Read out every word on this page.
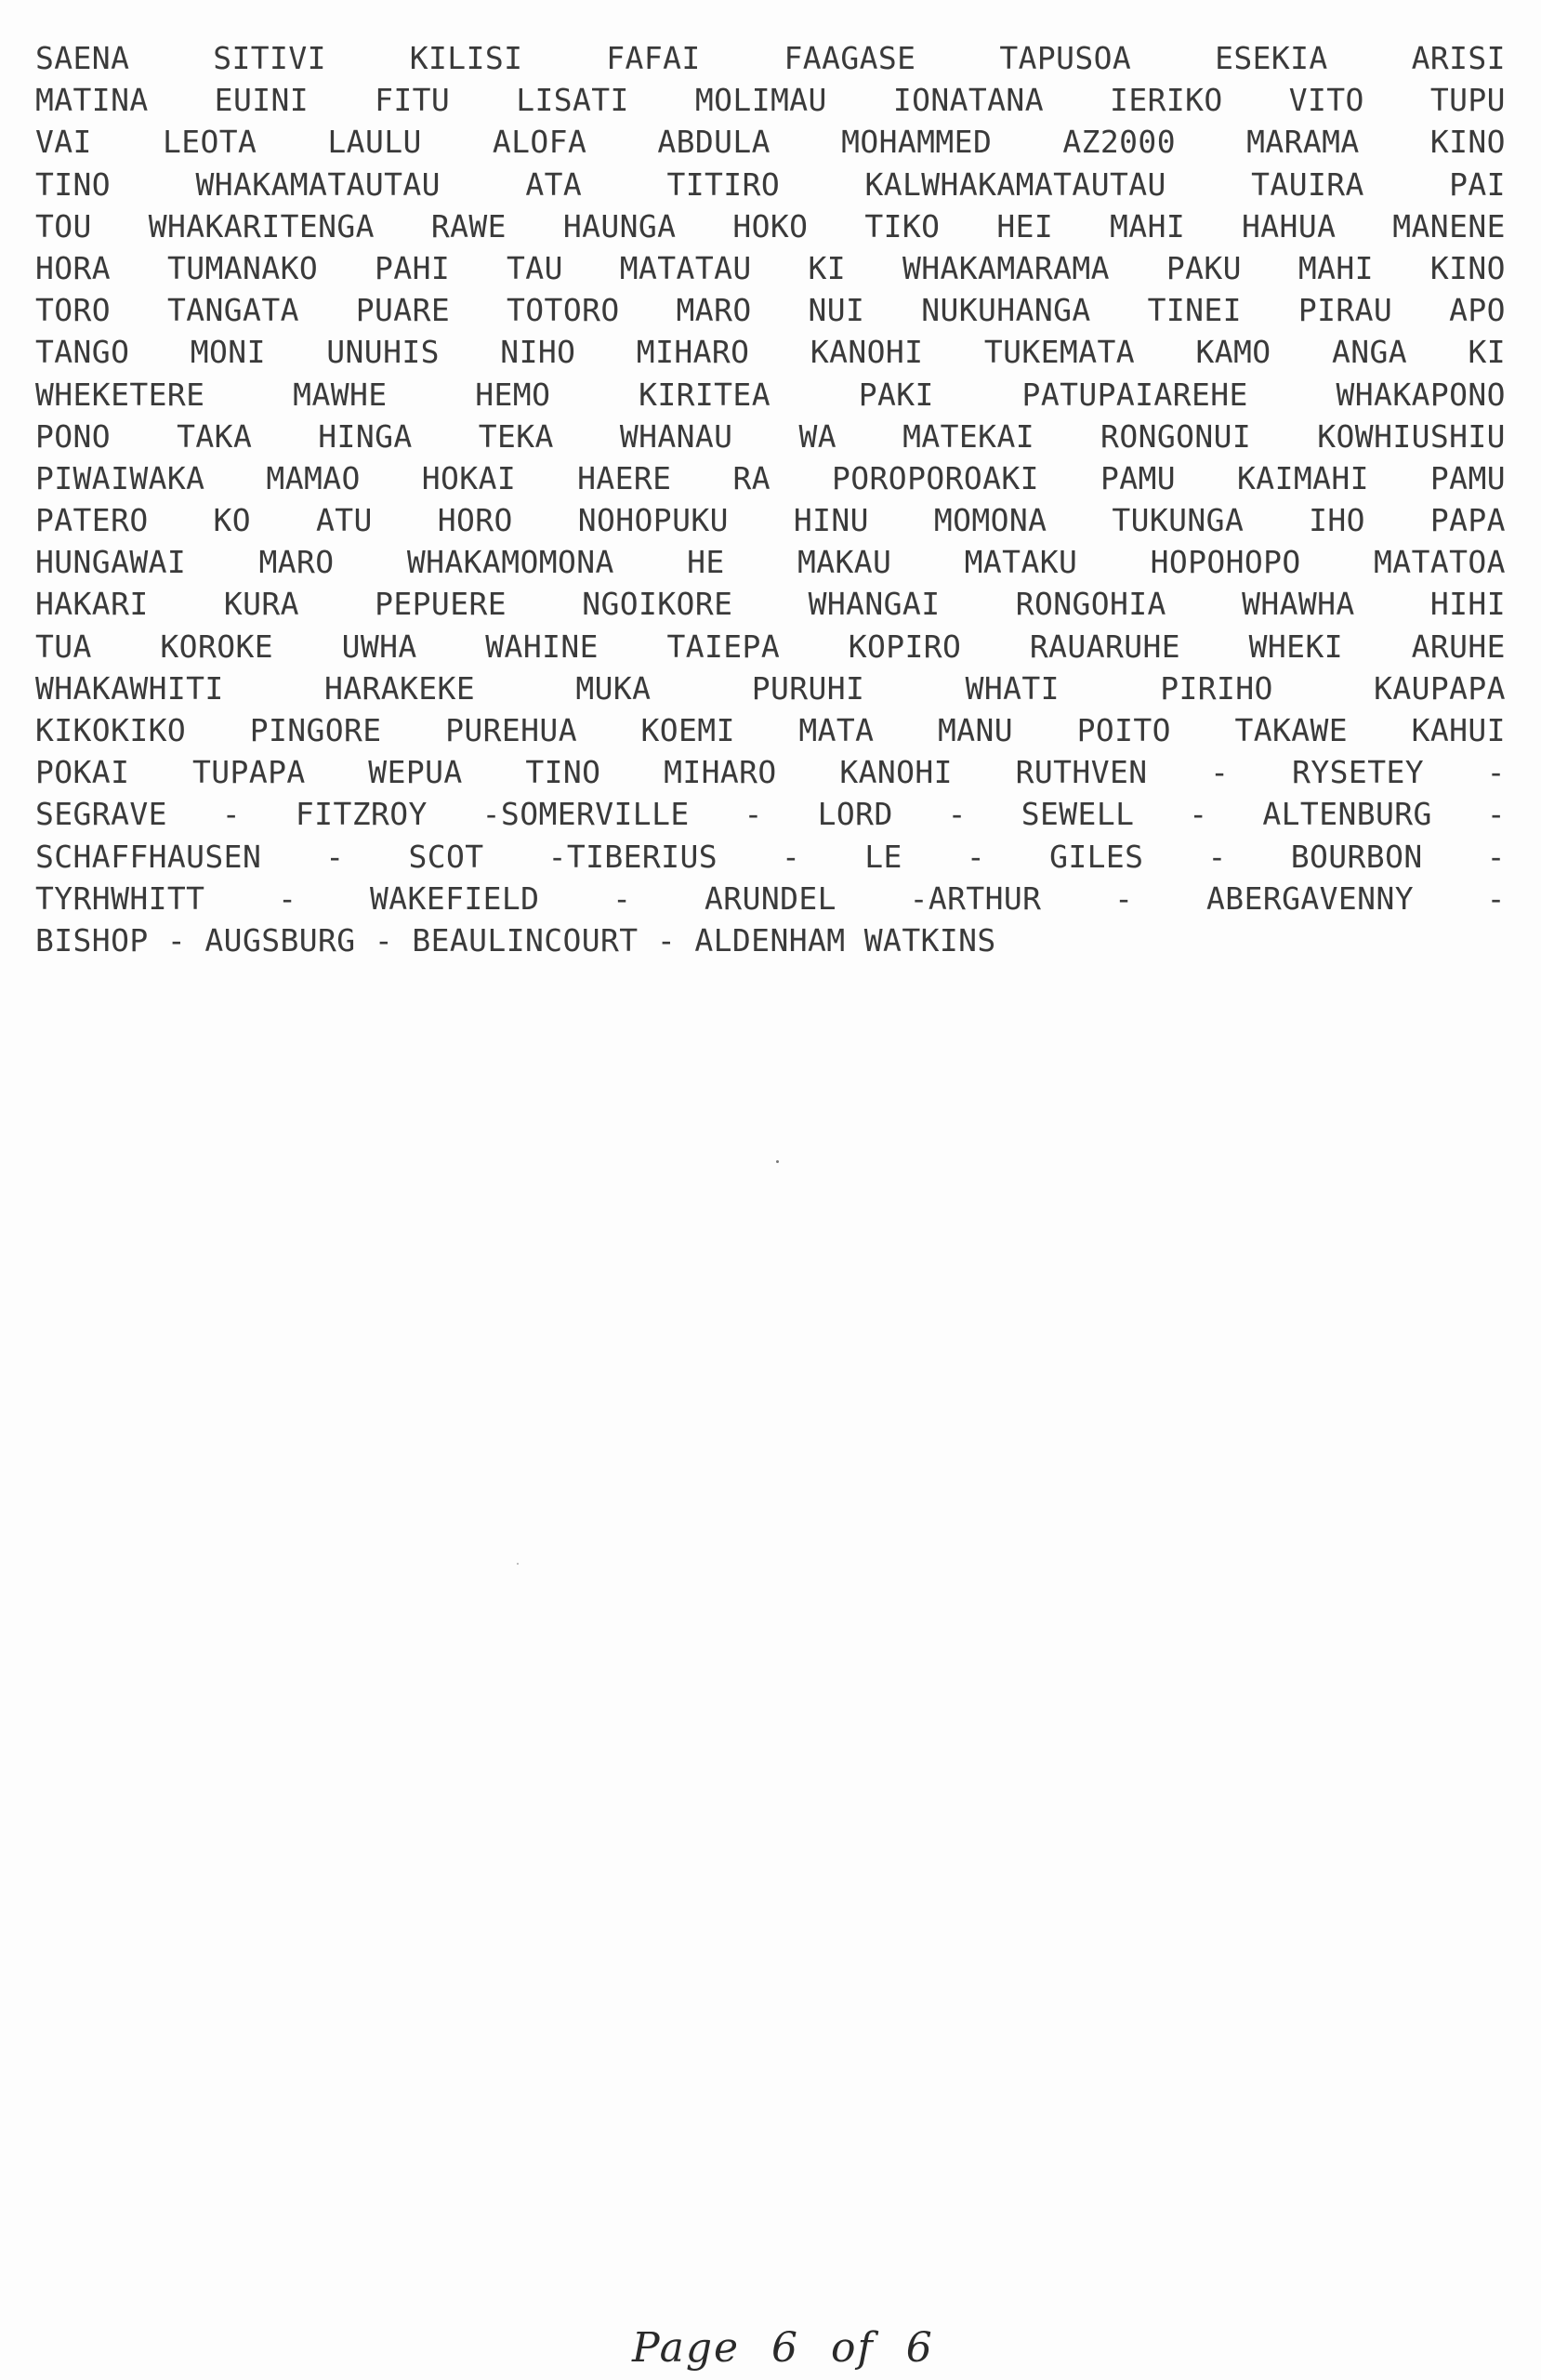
SAENA	SITIVI	KILISI	FAFAI	FAAGASE	TAPUSOA	ESEKIA	ARISI
MATINA EUINI FITU LISATI MOLIMAU IONATANA IERIKO VITO TUPU
VAI LEOTA LAULU ALOFA ABDULA MOHAMMED AZ2000 MARAMA KINO
TINO	WHAKAMATAUTAU	ATA	TITIRO	KALWHAKAMATAUTAU	TAUIRA	PAI
TOU WHAKARITENGA RAWE HAUNGA HOKO TIKO HEI MAHI HAHUA MANENE
HORA TUMANAKO PAHI TAU MATATAU KI WHAKAMARAMA PAKU MAHI KINO
TORO TANGATA PUARE TOTORO MARO NUI NUKUHANGA TINEI PIRAU APO
TANGO MONI UNUHIS NIHO MIHARO KANOHI TUKEMATA KAMO ANGA KI
WHEKETERE	MAWHE	HEMO	KIRITEA	PAKI	PATUPAIAREHE	WHAKAPONO
PONO TAKA HINGA TEKA WHANAU WA MATEKAI RONGONUI KOWHIUSHIU
PIWAIWAKA MAMAO HOKAI HAERE RA POROPOROAKI PAMU KAIMAHI PAMU
PATERO KO ATU HORO NOHOPUKU HINU MOMONA TUKUNGA IHO PAPA
HUNGAWAI MARO WHAKAMOMONA HE MAKAU MATAKU HOPOHOPO MATATOA
HAKARI KURA PEPUERE NGOIKORE WHANGAI RONGOHIA WHAWHA HIHI
TUA KOROKE UWHA WAHINE TAIEPA KOPIRO RAUARUHE WHEKI ARUHE
WHAKAWHITI	HARAKEKE	MUKA	PURUHI	WHATI	PIRIHO	KAUPAPA
KIKOKIKO PINGORE PUREHUA KOEMI MATA MANU POITO TAKAWE KAHUI
POKAI TUPAPA WEPUA TINO MIHARO KANOHI RUTHVEN - RYSETEY -
SEGRAVE - FITZROY -SOMERVILLE - LORD - SEWELL - ALTENBURG -
SCHAFFHAUSEN - SCOT -TIBERIUS - LE - GILES - BOURBON -
TYRHWHITT - WAKEFIELD - ARUNDEL -ARTHUR - ABERGAVENNY -
BISHOP - AUGSBURG - BEAULINCOURT - ALDENHAM WATKINS
Page 6 of 6
